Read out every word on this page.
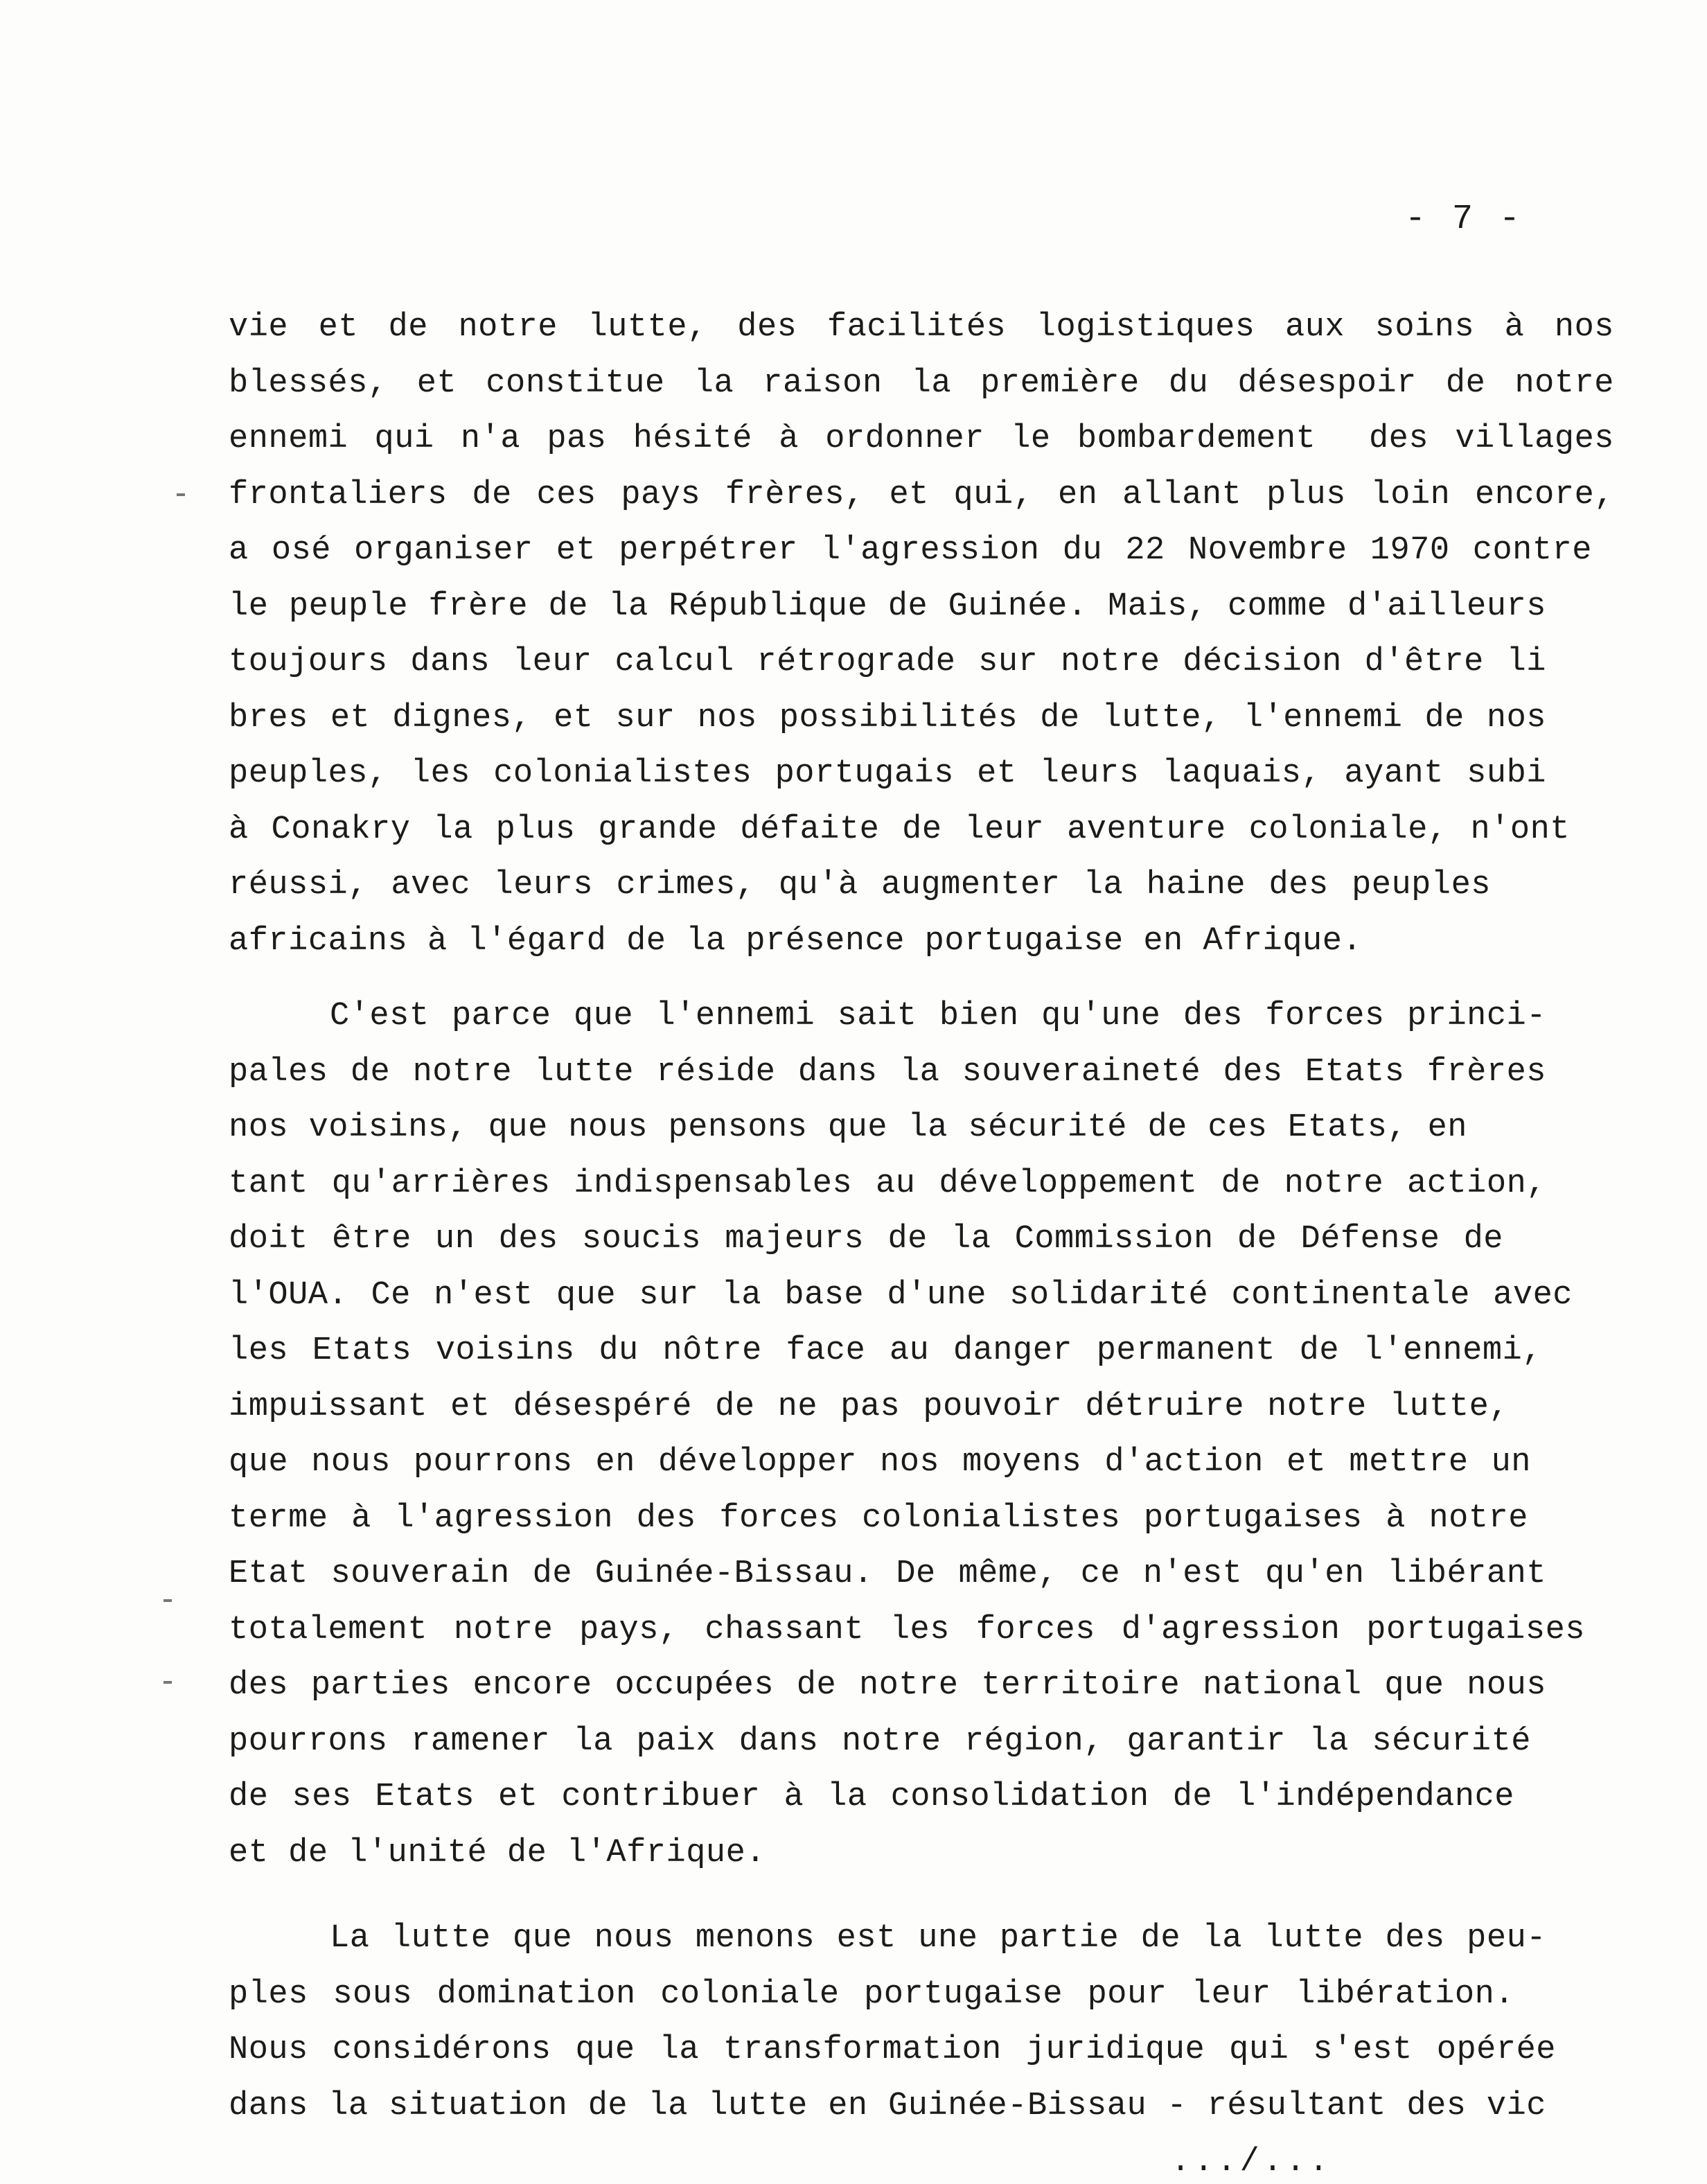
- 7 -
vie et de notre lutte, des facilités logistiques aux soins à nos
blessés, et constitue la raison la première du désespoir de notre
ennemi qui n'a pas hésité à ordonner le bombardement  des villages
frontaliers de ces pays frères, et qui, en allant plus loin encore,
a osé organiser et perpétrer l'agression du 22 Novembre 1970 contre
le peuple frère de la République de Guinée. Mais, comme d'ailleurs
toujours dans leur calcul rétrograde sur notre décision d'être li
bres et dignes, et sur nos possibilités de lutte, l'ennemi de nos
peuples, les colonialistes portugais et leurs laquais, ayant subi
à Conakry la plus grande défaite de leur aventure coloniale, n'ont
réussi, avec leurs crimes, qu'à augmenter la haine des peuples
africains à l'égard de la présence portugaise en Afrique.
C'est parce que l'ennemi sait bien qu'une des forces princi-
pales de notre lutte réside dans la souveraineté des Etats frères
nos voisins, que nous pensons que la sécurité de ces Etats, en
tant qu'arrières indispensables au développement de notre action,
doit être un des soucis majeurs de la Commission de Défense de
l'OUA. Ce n'est que sur la base d'une solidarité continentale avec
les Etats voisins du nôtre face au danger permanent de l'ennemi,
impuissant et désespéré de ne pas pouvoir détruire notre lutte,
que nous pourrons en développer nos moyens d'action et mettre un
terme à l'agression des forces colonialistes portugaises à notre
Etat souverain de Guinée-Bissau. De même, ce n'est qu'en libérant
totalement notre pays, chassant les forces d'agression portugaises
des parties encore occupées de notre territoire national que nous
pourrons ramener la paix dans notre région, garantir la sécurité
de ses Etats et contribuer à la consolidation de l'indépendance
et de l'unité de l'Afrique.
La lutte que nous menons est une partie de la lutte des peu-
ples sous domination coloniale portugaise pour leur libération.
Nous considérons que la transformation juridique qui s'est opérée
dans la situation de la lutte en Guinée-Bissau - résultant des vic
.../...
